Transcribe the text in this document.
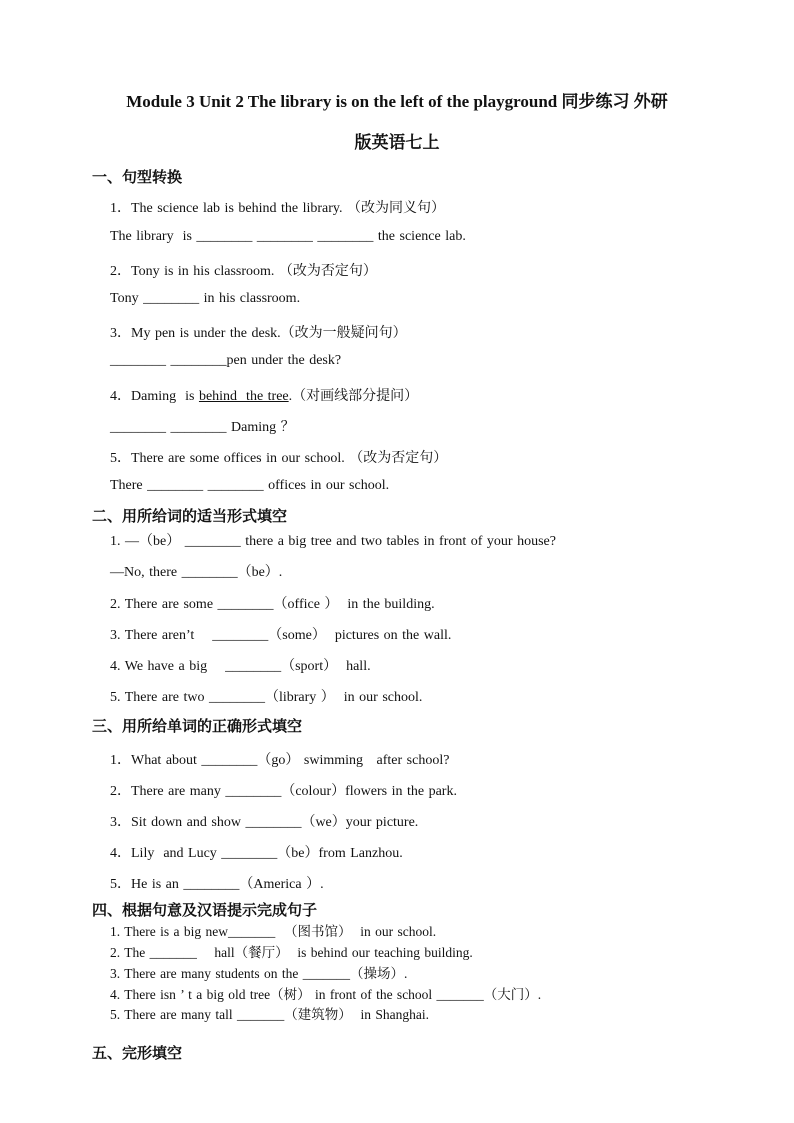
Module 3 Unit 2 The library is on the left of the playground 同步练习 外研
版英语七上
一、句型转换
1．The science lab is behind the library. （改为同义句）
The library  is ________ ________ ________ the science lab.
2．Tony is in his classroom. （改为否定句）
Tony ________ in his classroom.
3．My pen is under the desk.（改为一般疑问句）
________ ________pen under the desk?
4．Daming  is behind  the tree.（对画线部分提问）
________ ________ Daming ？
5．There are some offices in our school. （改为否定句）
There ________ ________ offices in our school.
二、用所给词的适当形式填空
1. —（be） ________ there a big tree and two tables in front of your house?
—No, there ________（be）.
2. There are some ________（office ）  in the building.
3. There aren’t    ________（some）  pictures on the wall.
4. We have a big    ________（sport）  hall.
5. There are two ________（library ）  in our school.
三、用所给单词的正确形式填空
1．What about ________（go） swimming   after school?
2．There are many ________（colour）flowers in the park.
3．Sit down and show ________（we）your picture.
4．Lily  and Lucy ________（be）from Lanzhou.
5．He is an ________（America ）.
四、根据句意及汉语提示完成句子
1. There is a big new_______  （图书馆）  in our school.
2. The _______    hall（餐厅）  is behind our teaching building.
3. There are many students on the _______（操场）.
4. There isn ’ t a big old tree（树） in front of the school _______（大门）.
5. There are many tall _______（建筑物）  in Shanghai.
五、完形填空
